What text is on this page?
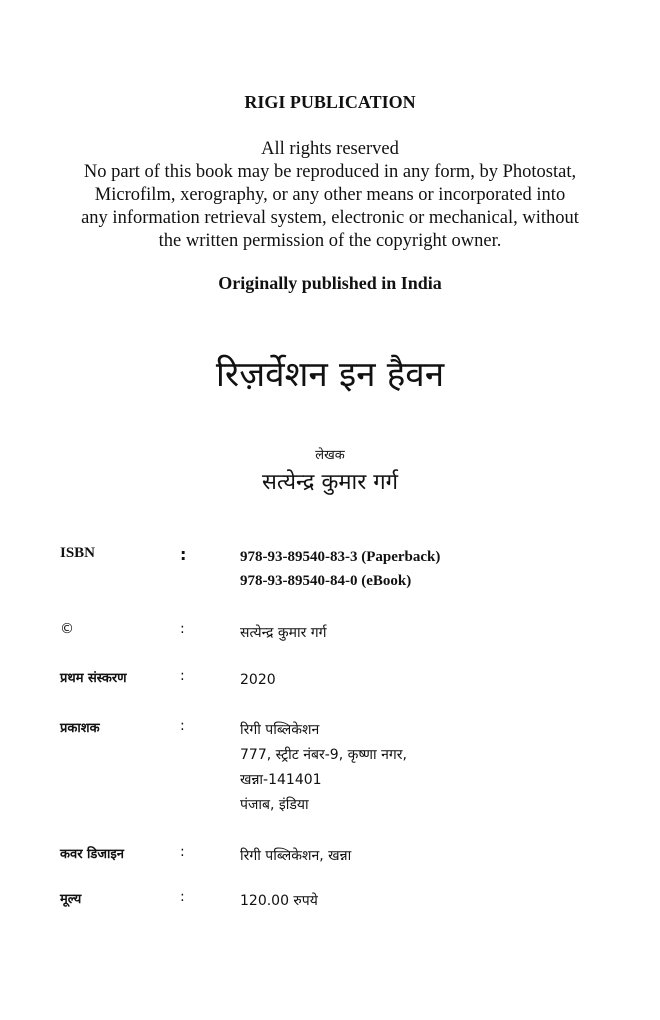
RIGI PUBLICATION
All rights reserved
No part of this book may be reproduced in any form, by Photostat,
Microfilm, xerography, or any other means or incorporated into
any information retrieval system, electronic or mechanical, without
the written permission of the copyright owner.
Originally published in India
रिज़र्वेशन इन हैवन
लेखक
सत्येन्द्र कुमार गर्ग
ISBN	:	978-93-89540-83-3 (Paperback)
978-93-89540-84-0 (eBook)
©	:	सत्येन्द्र कुमार गर्ग
प्रथम संस्करण	:	2020
प्रकाशक	:	रिगी पब्लिकेशन
777, स्ट्रीट नंबर-9, कृष्णा नगर,
खन्ना-141401
पंजाब, इंडिया
कवर डिजाइन	:	रिगी पब्लिकेशन, खन्ना
मूल्य	:	120.00 रुपये
